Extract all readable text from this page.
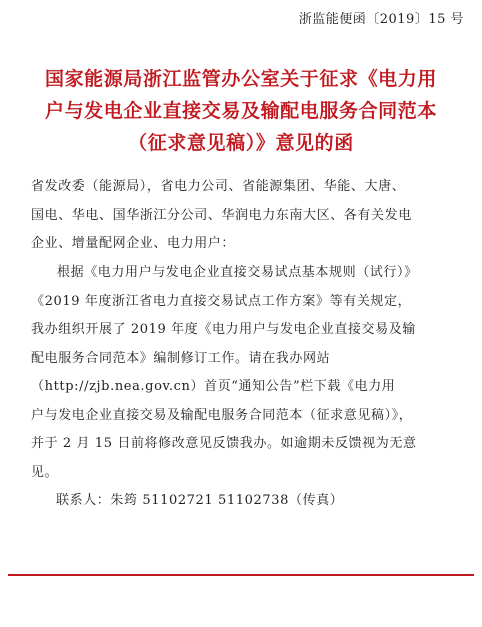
浙监能便函〔2019〕15 号
国家能源局浙江监管办公室关于征求《电力用
户与发电企业直接交易及输配电服务合同范本
（征求意见稿）》意见的函
省发改委（能源局），省电力公司、省能源集团、华能、大唐、
国电、华电、国华浙江分公司、华润电力东南大区、各有关发电
企业、增量配网企业、电力用户：
根据《电力用户与发电企业直接交易试点基本规则（试行）》
《2019 年度浙江省电力直接交易试点工作方案》等有关规定，
我办组织开展了 2019 年度《电力用户与发电企业直接交易及输
配电服务合同范本》编制修订工作。请在我办网站
（http://zjb.nea.gov.cn）首页“通知公告”栏下载《电力用
户与发电企业直接交易及输配电服务合同范本（征求意见稿）》，
并于 2 月 15 日前将修改意见反馈我办。如逾期未反馈视为无意
见。
联系人：朱筠 51102721 51102738（传真）
